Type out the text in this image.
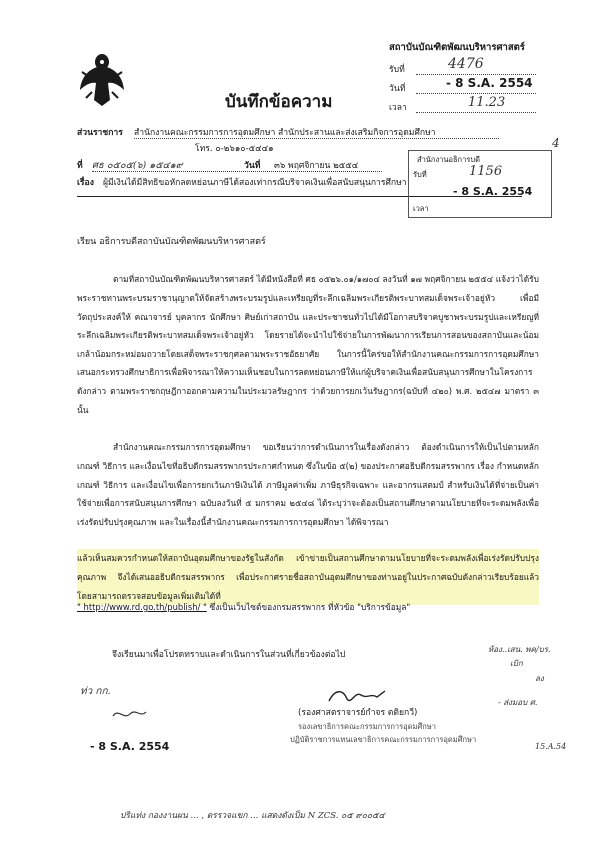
สถาบันบัณฑิตพัฒนบริหารศาสตร์
รับที่	4476
วันที่	- 8 S.A. 2554
เวลา	11.23
บันทึกข้อความ
ส่วนราชการ สำนักงานคณะกรรมการการอุดมศึกษา สำนักประสานและส่งเสริมกิจการอุดมศึกษา
โทร. ๐-๒๖๑๐-๕๔๔๑
ที่ ศธ ๐๕๐๕(๖) ๑๕๔๑๙	วันที่ ๓๖ พฤศจิกายน ๒๕๕๔
เรื่อง ผู้มีเงินได้มีสิทธิขอหักลดหย่อนภาษีได้สองเท่ากรณีบริจาคเงินเพื่อสนับสนุนการศึกษา
สำนักงานอธิการบดี
รับที่	1156
- 8 S.A. 2554
เวลา
4
เรียน อธิการบดีสถาบันบัณฑิตพัฒนบริหารศาสตร์

ตามที่สถาบันบัณฑิตพัฒนบริหารศาสตร์ ได้มีหนังสือที่ ศธ ๐๕๒๖.๐๑/๑๗๐๔ ลงวันที่ ๑๗ พฤศจิกายน ๒๕๕๔ แจ้งว่าได้รับพระราชทานพระบรมราชานุญาตให้จัดสร้างพระบรมรูปและเหรียญที่ระลึกเฉลิมพระเกียรติพระบาทสมเด็จพระเจ้าอยู่หัว เพื่อมีวัตถุประสงค์ให้ คณาจารย์ บุคลากร นักศึกษา ศิษย์เก่าสถาบัน และประชาชนทั่วไปได้มีโอกาสบริจาคบูชาพระบรมรูปและเหรียญที่ระลึกเฉลิมพระเกียรติพระบาทสมเด็จพระเจ้าอยู่หัว โดยรายได้จะนำไปใช้จ่ายในการพัฒนาการเรียนการสอนของสถาบันและน้อมเกล้าน้อมกระหม่อมถวายโดยเสด็จพระราชกุศลตามพระราชอัธยาศัย ในการนี้ใคร่ขอให้สำนักงานคณะกรรมการการอุดมศึกษา เสนอกระทรวงศึกษาธิการเพื่อพิจารณาให้ความเห็นชอบในการลดหย่อนภาษีให้แก่ผู้บริจาคเงินเพื่อสนับสนุนการศึกษาในโครงการดังกล่าว ตามพระราชกฤษฎีกาออกตามความในประมวลรัษฎากร ว่าด้วยการยกเว้นรัษฎากร(ฉบับที่ ๔๒๐) พ.ศ. ๒๕๔๗ มาตรา ๓ นั้น

สำนักงานคณะกรรมการการอุดมศึกษา ขอเรียนว่าการดำเนินการในเรื่องดังกล่าว ต้องดำเนินการให้เป็นไปตามหลักเกณฑ์ วิธีการ และเงื่อนไขที่อธิบดีกรมสรรพากรประกาศกำหนด ซึ่งในข้อ ๕(๒) ของประกาศอธิบดีกรมสรรพากร เรื่อง กำหนดหลักเกณฑ์ วิธีการ และเงื่อนไขเพื่อการยกเว้นภาษีเงินได้ ภาษีมูลค่าเพิ่ม ภาษีธุรกิจเฉพาะ และอากรแสตมป์ สำหรับเงินได้ที่จ่ายเป็นค่าใช้จ่ายเพื่อการสนับสนุนการศึกษา ฉบับลงวันที่ ๕ มกราคม ๒๕๔๘ ได้ระบุว่าจะต้องเป็นสถานศึกษาตามนโยบายที่จะระดมพลังเพื่อเร่งรัดปรับปรุงคุณภาพ และในเรื่องนี้สำนักงานคณะกรรมการการอุดมศึกษา ได้พิจารณา

แล้วเห็นสมควรกำหนดให้สถาบันอุดมศึกษาของรัฐในสังกัด เข้าข่ายเป็นสถานศึกษาตามนโยบายที่จะระดมพลังเพื่อเร่งรัดปรับปรุงคุณภาพ จึงได้เสนออธิบดีกรมสรรพากร เพื่อประกาศรายชื่อสถาบันอุดมศึกษาของท่านอยู่ในประกาศฉบับดังกล่าวเรียบร้อยแล้ว โดยสามารถตรวจสอบข้อมูลเพิ่มเติมได้ที่

" http://www.rd.go.th/publish/ " ซึ่งเป็นเว็บไซต์ของกรมสรรพากร ที่หัวข้อ "บริการข้อมูล"
จึงเรียนมาเพื่อโปรดทราบและดำเนินการในส่วนที่เกี่ยวข้องต่อไป
(รองศาสตราจารย์กำจร ตติยกวี)
รองเลขาธิการคณะกรรมการการอุดมศึกษา
ปฏิบัติราชการแทนเลขาธิการคณะกรรมการการอุดมศึกษา
ท่ว กก.
- 8 S.A. 2554
ห้อง..เสน. พค/บร.
เบิก
ลง
- ส่งมอบ ศ.
15.A.54
ปริแท่ง กองงานผน ... , ตรรวจแขก ... แสดงดังเป็ม N ZCS. ๐๕ ๙๐๐๕๔
